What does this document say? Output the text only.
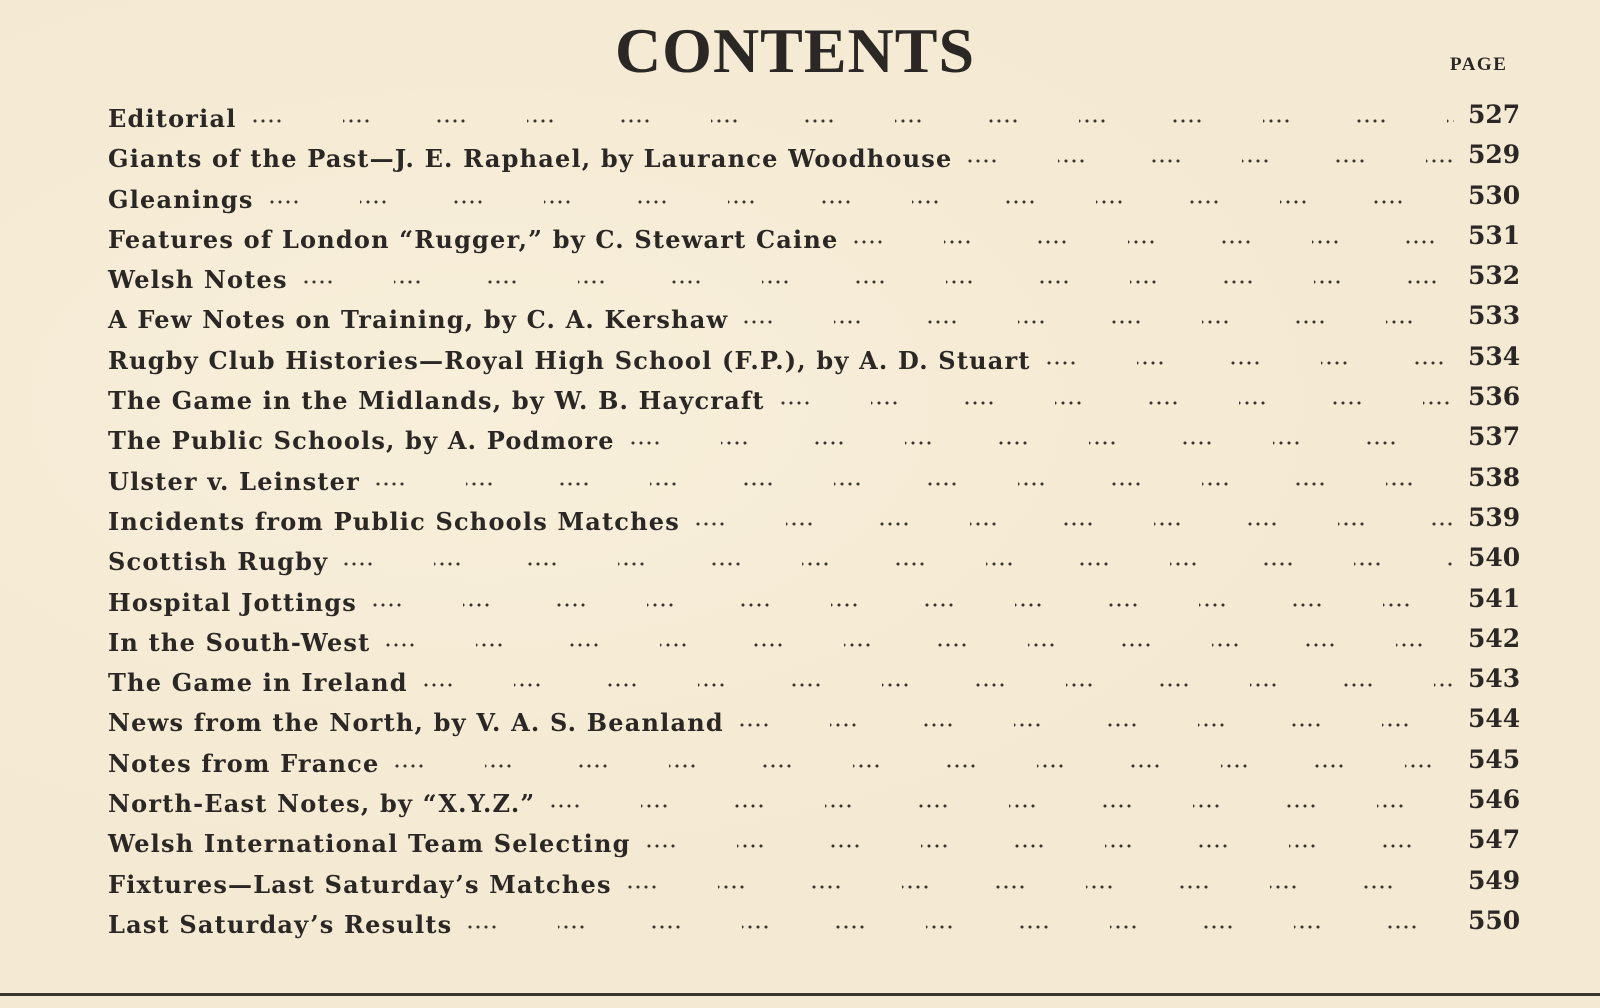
CONTENTS	PAGE
Editorial	527
Giants of the Past—J. E. Raphael, by Laurance Woodhouse	529
Gleanings	530
Features of London “Rugger,” by C. Stewart Caine	531
Welsh Notes	532
A Few Notes on Training, by C. A. Kershaw	533
Rugby Club Histories—Royal High School (F.P.), by A. D. Stuart	534
The Game in the Midlands, by W. B. Haycraft	536
The Public Schools, by A. Podmore	537
Ulster v. Leinster	538
Incidents from Public Schools Matches	539
Scottish Rugby	540
Hospital Jottings	541
In the South-West	542
The Game in Ireland	543
News from the North, by V. A. S. Beanland	544
Notes from France	545
North-East Notes, by “X.Y.Z.”	546
Welsh International Team Selecting	547
Fixtures—Last Saturday’s Matches	549
Last Saturday’s Results	550
